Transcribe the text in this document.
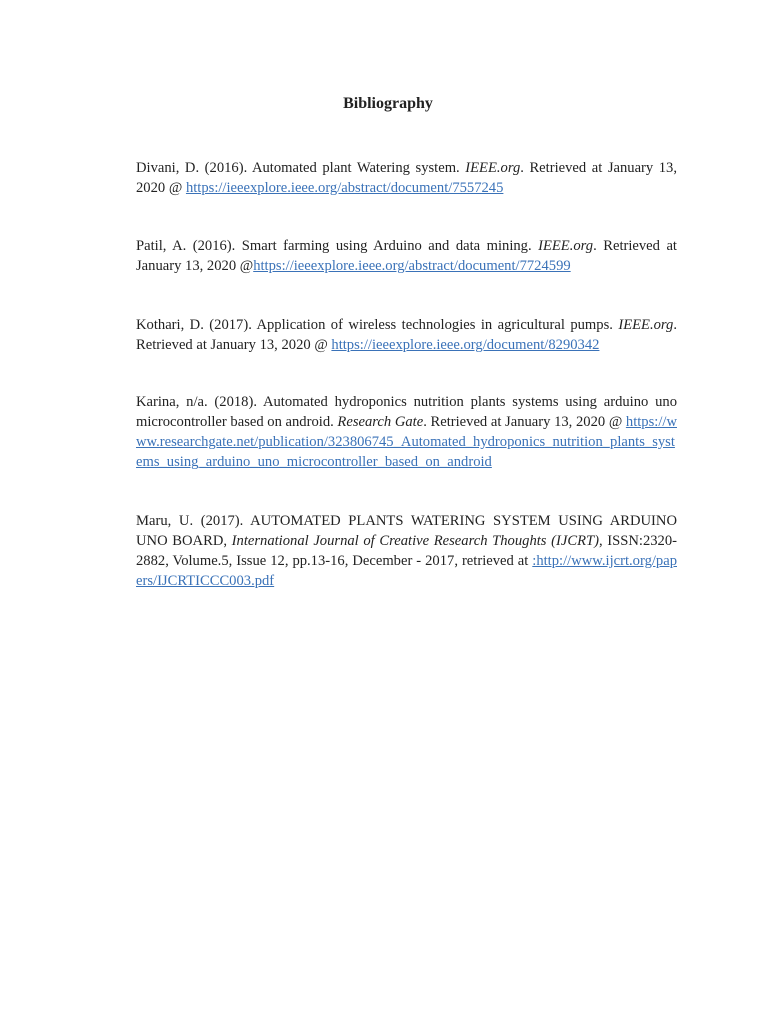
Bibliography

Divani, D. (2016). Automated plant Watering system. IEEE.org. Retrieved at January 13, 2020 @ https://ieeexplore.ieee.org/abstract/document/7557245

Patil, A. (2016). Smart farming using Arduino and data mining. IEEE.org. Retrieved at January 13, 2020 @https://ieeexplore.ieee.org/abstract/document/7724599

Kothari, D. (2017). Application of wireless technologies in agricultural pumps. IEEE.org. Retrieved at January 13, 2020 @ https://ieeexplore.ieee.org/document/8290342

Karina, n/a. (2018). Automated hydroponics nutrition plants systems using arduino uno microcontroller based on android. Research Gate. Retrieved at January 13, 2020 @ https://www.researchgate.net/publication/323806745_Automated_hydroponics_nutrition_plants_systems_using_arduino_uno_microcontroller_based_on_android

Maru, U. (2017). AUTOMATED PLANTS WATERING SYSTEM USING ARDUINO UNO BOARD, International Journal of Creative Research Thoughts (IJCRT), ISSN:2320-2882, Volume.5, Issue 12, pp.13-16, December - 2017, retrieved at :http://www.ijcrt.org/papers/IJCRTICCC003.pdf
